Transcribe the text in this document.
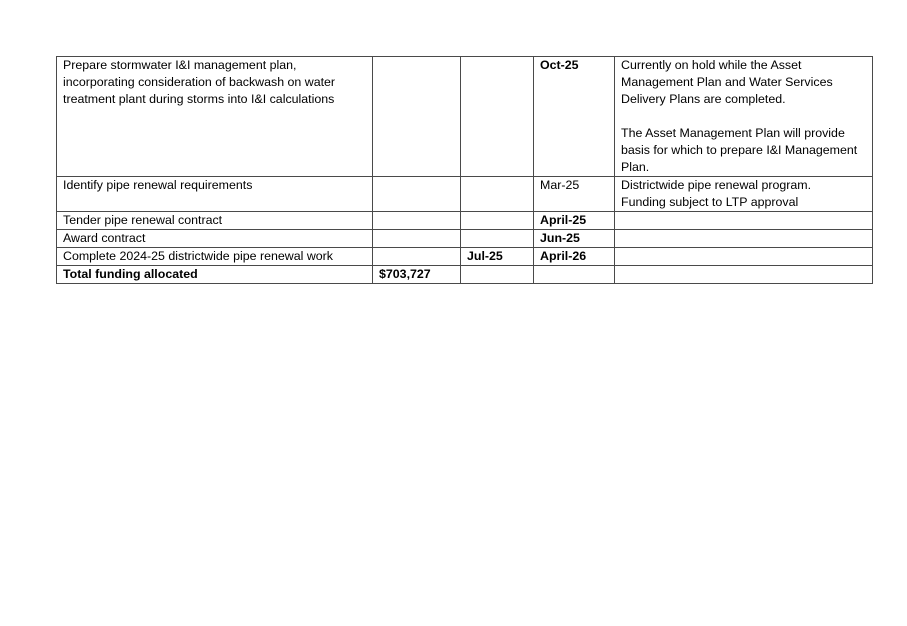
Prepare stormwater I&I management plan, incorporating consideration of backwash on water treatment plant during storms into I&I calculations			Oct-25	Currently on hold while the Asset Management Plan and Water Services Delivery Plans are completed.

The Asset Management Plan will provide basis for which to prepare I&I Management Plan.
Identify pipe renewal requirements			Mar-25	Districtwide pipe renewal program.
Funding subject to LTP approval
Tender pipe renewal contract			April-25	
Award contract			Jun-25	
Complete 2024-25 districtwide pipe renewal work		Jul-25	April-26	
Total funding allocated	$703,727			
